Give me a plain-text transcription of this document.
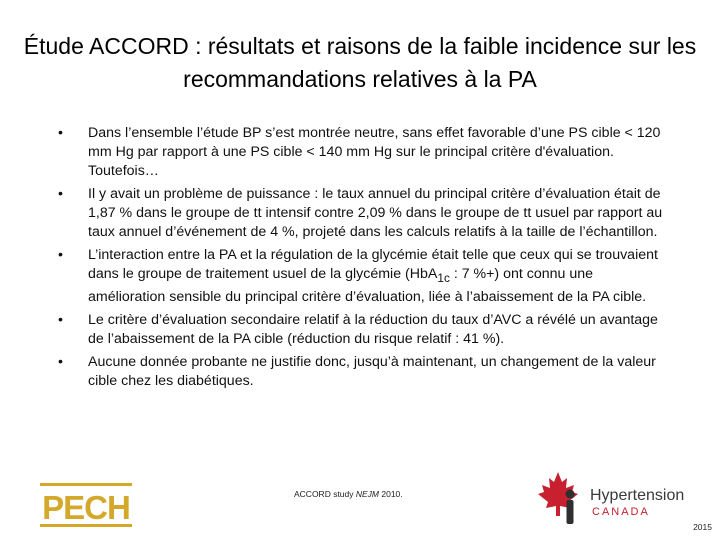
Étude ACCORD : résultats et raisons de la faible incidence sur les recommandations relatives à la PA
•	Dans l’ensemble l’étude BP s’est montrée neutre, sans effet favorable d’une PS cible < 120 mm Hg par rapport à une PS cible < 140 mm Hg sur le principal critère d'évaluation. Toutefois…
•	Il y avait un problème de puissance : le taux annuel du principal critère d’évaluation était de 1,87 % dans le groupe de tt intensif contre 2,09 % dans le groupe de tt usuel par rapport au taux annuel d’événement de 4 %, projeté dans les calculs relatifs à la taille de l’échantillon.
•	L’interaction entre la PA et la régulation de la glycémie était telle que ceux qui se trouvaient dans le groupe de traitement usuel de la glycémie (HbA$_{1c}$ : 7 %+) ont connu une amélioration sensible du principal critère d’évaluation, liée à l’abaissement de la PA cible.
•	Le critère d’évaluation secondaire relatif à la réduction du taux d’AVC a révélé un avantage de l’abaissement de la PA cible (réduction du risque relatif : 41 %).
•	Aucune donnée probante ne justifie donc, jusqu’à maintenant, un changement de la valeur cible chez les diabétiques.
ACCORD study NEJM 2010.
PECH	Hypertension
CANADA
2015
